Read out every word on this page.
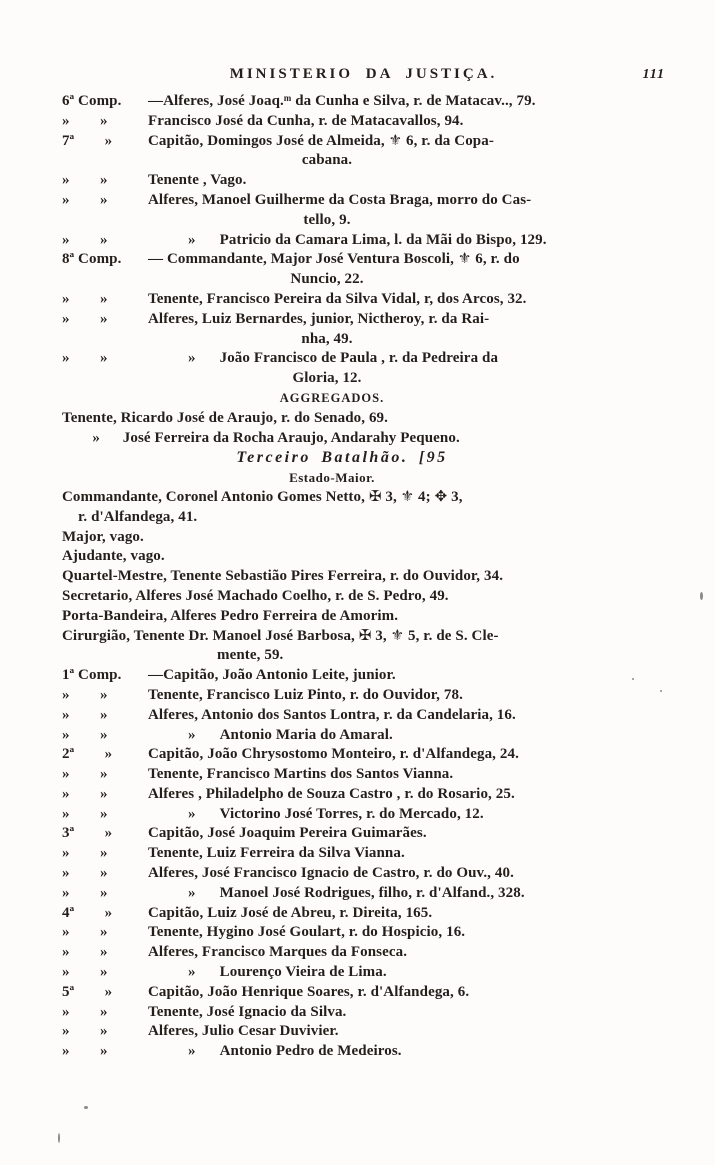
MINISTERIO DA JUSTIÇA.	111
6ª Comp. —Alferes, José Joaq.ᵐ da Cunha e Silva, r. de Matacav.., 79.
»    »	Francisco José da Cunha, r. de Matacavallos, 94.
7ª    » Capitão, Domingos José de Almeida, ⚜ 6, r. da Copa-
cabana.
»    »	Tenente , Vago.
»    »	Alferes, Manoel Guilherme da Costa Braga, morro do Cas-
tello, 9.
»    »	» Patricio da Camara Lima, l. da Mãi do Bispo, 129.
8ª Comp. — Commandante, Major José Ventura Boscoli, ⚜ 6, r. do
Nuncio, 22.
»    »	Tenente, Francisco Pereira da Silva Vidal, r, dos Arcos, 32.
»    »	Alferes, Luiz Bernardes, junior, Nictheroy, r. da Rai-
nha, 49.
»    »	» João Francisco de Paula , r. da Pedreira da
Gloria, 12.
AGGREGADOS.
Tenente, Ricardo José de Araujo, r. do Senado, 69.
    »   José Ferreira da Rocha Araujo, Andarahy Pequeno.
Terceiro Batalhão. [95
Estado-Maior.
Commandante, Coronel Antonio Gomes Netto, ✠ 3, ⚜ 4; ✥ 3,
r. d'Alfandega, 41.
Major, vago.
Ajudante, vago.
Quartel-Mestre, Tenente Sebastião Pires Ferreira, r. do Ouvidor, 34.
Secretario, Alferes José Machado Coelho, r. de S. Pedro, 49.
Porta-Bandeira, Alferes Pedro Ferreira de Amorim.
Cirurgião, Tenente Dr. Manoel José Barbosa, ✠ 3, ⚜ 5, r. de S. Cle-
mente, 59.
1ª Comp. —Capitão, João Antonio Leite, junior.
»    »	Tenente, Francisco Luiz Pinto, r. do Ouvidor, 78.
»    »	Alferes, Antonio dos Santos Lontra, r. da Candelaria, 16.
»    »	» Antonio Maria do Amaral.
2ª    » Capitão, João Chrysostomo Monteiro, r. d'Alfandega, 24.
»    »	Tenente, Francisco Martins dos Santos Vianna.
»    »	Alferes , Philadelpho de Souza Castro , r. do Rosario, 25.
»    »	» Victorino José Torres, r. do Mercado, 12.
3ª    » Capitão, José Joaquim Pereira Guimarães.
»    »	Tenente, Luiz Ferreira da Silva Vianna.
»    »	Alferes, José Francisco Ignacio de Castro, r. do Ouv., 40.
»    »	» Manoel José Rodrigues, filho, r. d'Alfand., 328.
4ª    » Capitão, Luiz José de Abreu, r. Direita, 165.
»    »	Tenente, Hygino José Goulart, r. do Hospicio, 16.
»    »	Alferes, Francisco Marques da Fonseca.
»    »	» Lourenço Vieira de Lima.
5ª    » Capitão, João Henrique Soares, r. d'Alfandega, 6.
»    »	Tenente, José Ignacio da Silva.
»    »	Alferes, Julio Cesar Duvivier.
»    »	» Antonio Pedro de Medeiros.
